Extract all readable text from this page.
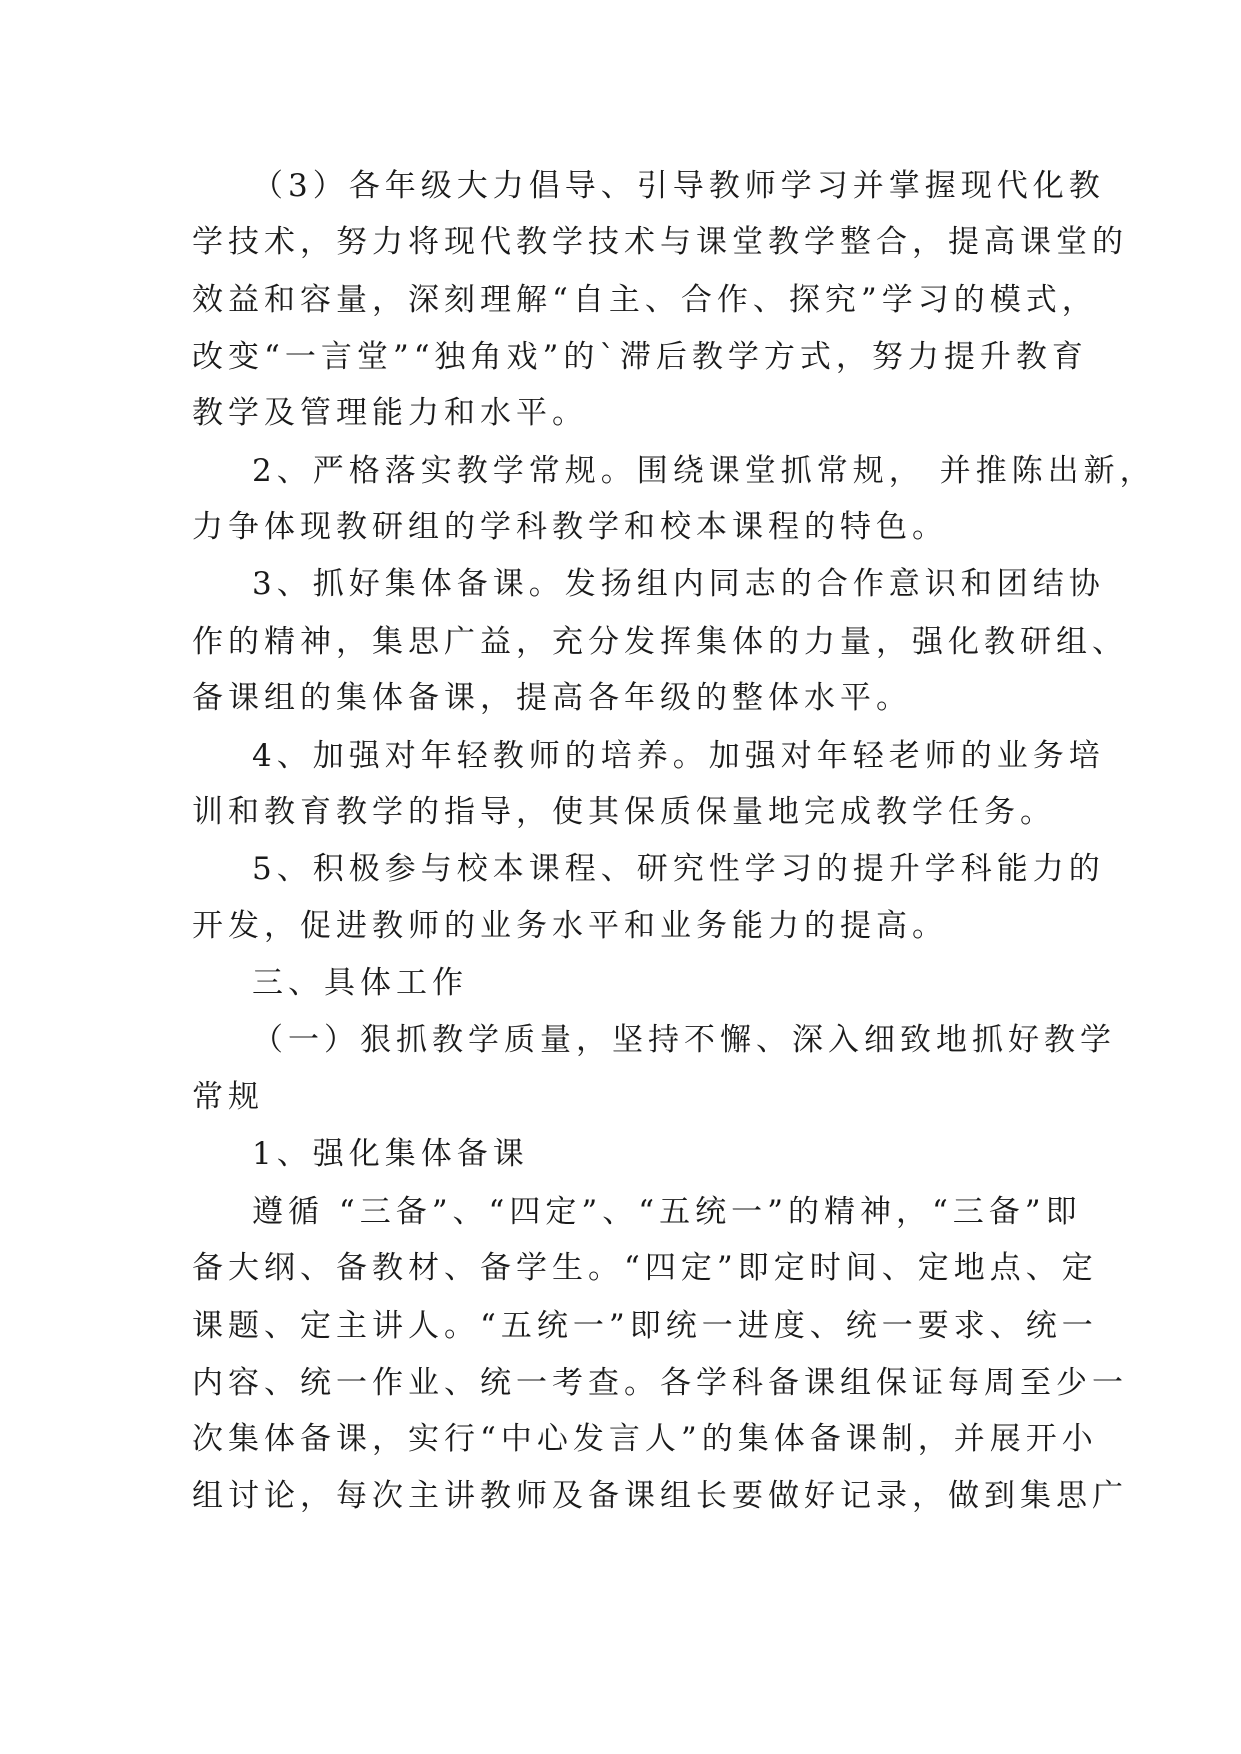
（3）各年级大力倡导、引导教师学习并掌握现代化教
学技术，努力将现代教学技术与课堂教学整合，提高课堂的
效益和容量，深刻理解“自主、合作、探究”学习的模式，
改变“一言堂”“独角戏”的`滞后教学方式，努力提升教育
教学及管理能力和水平。
2、严格落实教学常规。围绕课堂抓常规， 并推陈出新，
力争体现教研组的学科教学和校本课程的特色。
3、抓好集体备课。发扬组内同志的合作意识和团结协
作的精神，集思广益，充分发挥集体的力量，强化教研组、
备课组的集体备课，提高各年级的整体水平。
4、加强对年轻教师的培养。加强对年轻老师的业务培
训和教育教学的指导，使其保质保量地完成教学任务。
5、积极参与校本课程、研究性学习的提升学科能力的
开发，促进教师的业务水平和业务能力的提高。
三、具体工作
（一）狠抓教学质量，坚持不懈、深入细致地抓好教学
常规
1、强化集体备课
遵循 “三备”、“四定”、“五统一”的精神，“三备”即
备大纲、备教材、备学生。“四定”即定时间、定地点、定
课题、定主讲人。“五统一”即统一进度、统一要求、统一
内容、统一作业、统一考查。各学科备课组保证每周至少一
次集体备课，实行“中心发言人”的集体备课制，并展开小
组讨论，每次主讲教师及备课组长要做好记录，做到集思广
